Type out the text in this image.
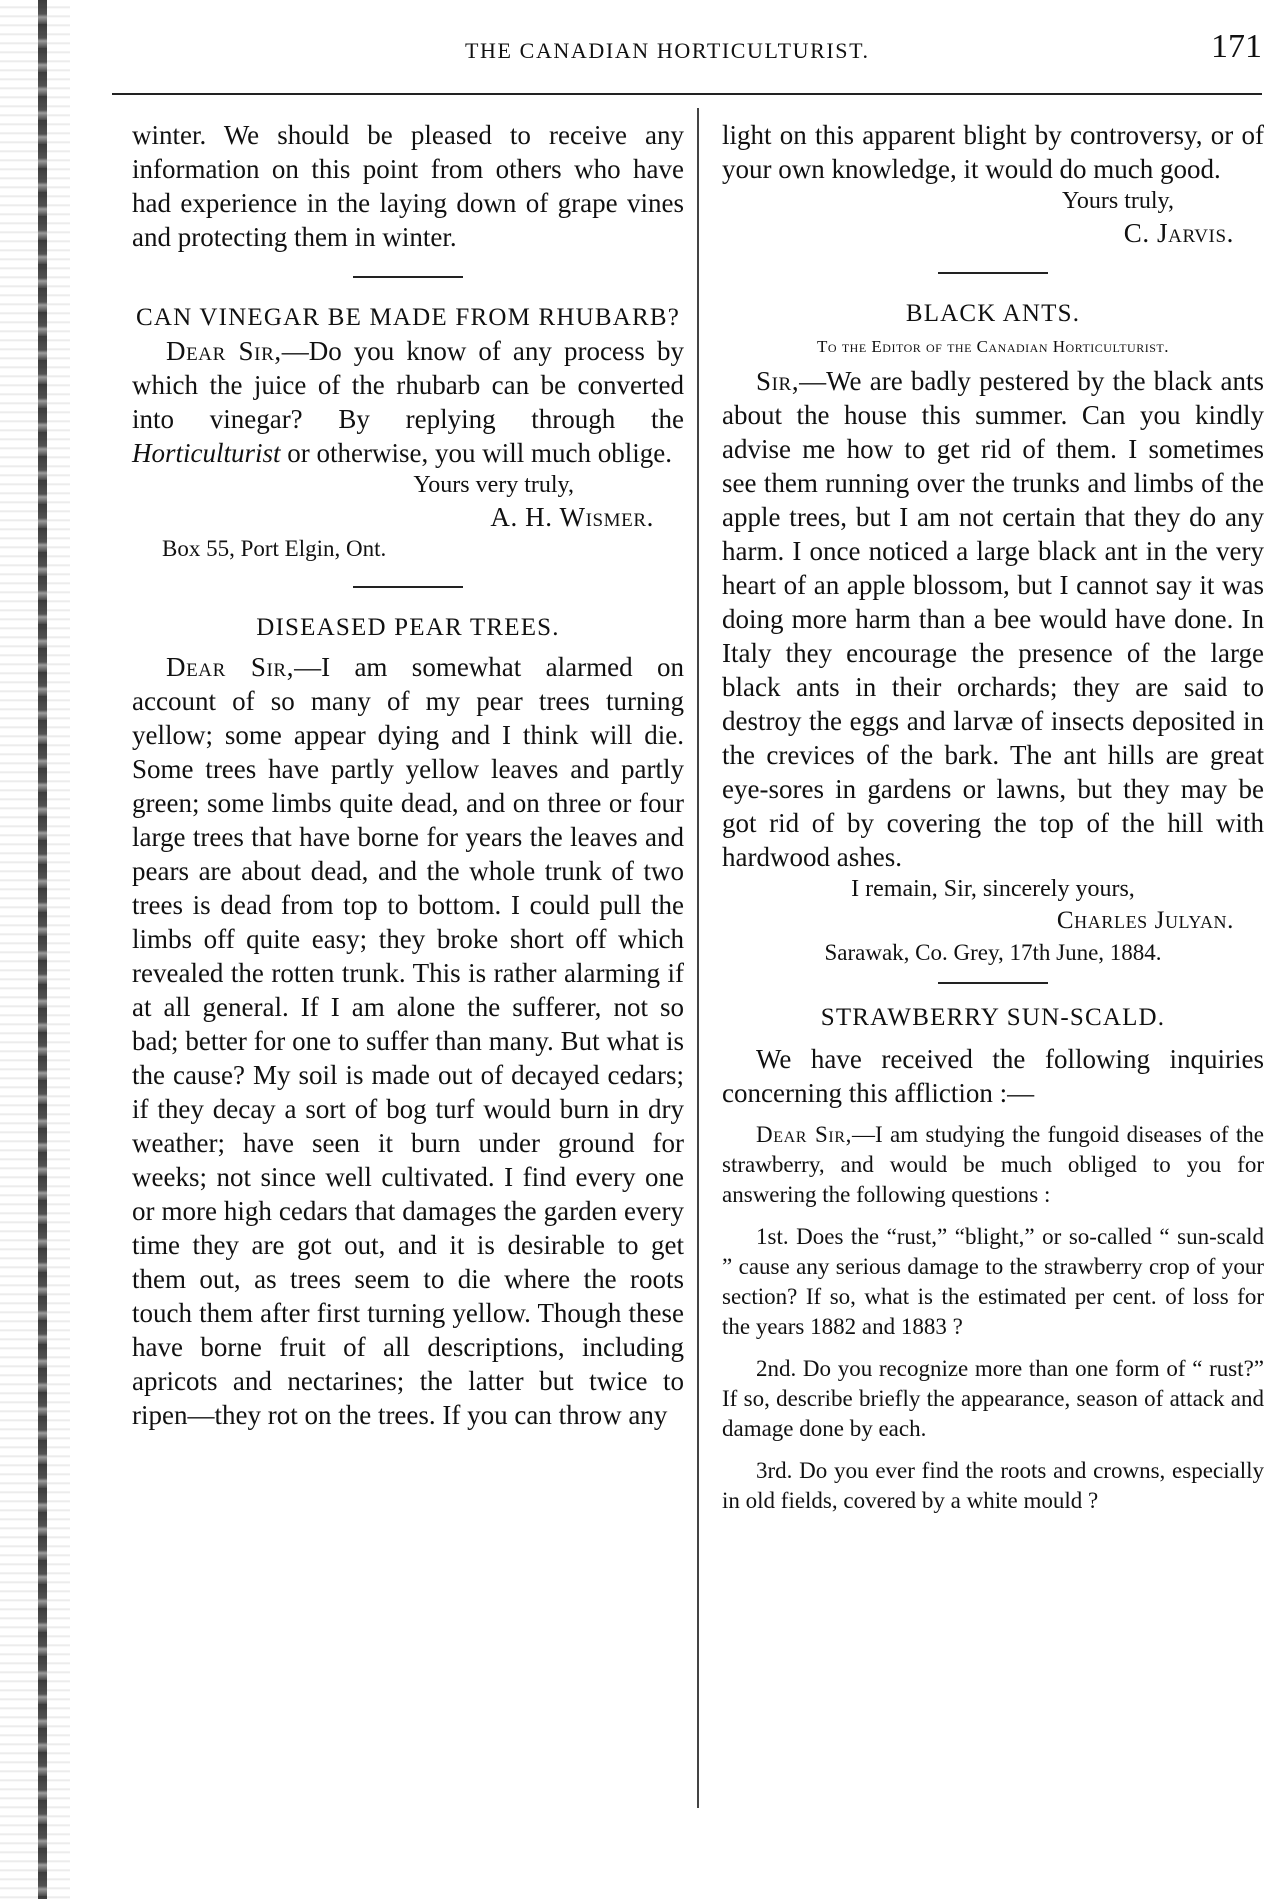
THE CANADIAN HORTICULTURIST.	171

winter. We should be pleased to receive any information on this point from others who have had experience in the laying down of grape vines and protecting them in winter.

CAN VINEGAR BE MADE FROM RHUBARB?

Dear Sir,—Do you know of any process by which the juice of the rhubarb can be converted into vinegar? By replying through the Horticulturist or otherwise, you will much oblige.

Yours very truly,

A. H. Wismer.

Box 55, Port Elgin, Ont.

DISEASED PEAR TREES.

Dear Sir,—I am somewhat alarmed on account of so many of my pear trees turning yellow; some appear dying and I think will die. Some trees have partly yellow leaves and partly green; some limbs quite dead, and on three or four large trees that have borne for years the leaves and pears are about dead, and the whole trunk of two trees is dead from top to bottom. I could pull the limbs off quite easy; they broke short off which revealed the rotten trunk. This is rather alarming if at all general. If I am alone the sufferer, not so bad; better for one to suffer than many. But what is the cause? My soil is made out of decayed cedars; if they decay a sort of bog turf would burn in dry weather; have seen it burn under ground for weeks; not since well cultivated. I find every one or more high cedars that damages the garden every time they are got out, and it is desirable to get them out, as trees seem to die where the roots touch them after first turning yellow. Though these have borne fruit of all descriptions, including apricots and nectarines; the latter but twice to ripen—they rot on the trees. If you can throw any

light on this apparent blight by controversy, or of your own knowledge, it would do much good.

Yours truly,

C. Jarvis.

BLACK ANTS.

To the Editor of the Canadian Horticulturist.

Sir,—We are badly pestered by the black ants about the house this summer. Can you kindly advise me how to get rid of them. I sometimes see them running over the trunks and limbs of the apple trees, but I am not certain that they do any harm. I once noticed a large black ant in the very heart of an apple blossom, but I cannot say it was doing more harm than a bee would have done. In Italy they encourage the presence of the large black ants in their orchards; they are said to destroy the eggs and larvæ of insects deposited in the crevices of the bark. The ant hills are great eye-sores in gardens or lawns, but they may be got rid of by covering the top of the hill with hardwood ashes.

I remain, Sir, sincerely yours,

Charles Julyan.

Sarawak, Co. Grey, 17th June, 1884.

STRAWBERRY SUN-SCALD.

We have received the following inquiries concerning this affliction :—

Dear Sir,—I am studying the fungoid diseases of the strawberry, and would be much obliged to you for answering the following questions :

1st. Does the “rust,” “blight,” or so-called “ sun-scald ” cause any serious damage to the strawberry crop of your section? If so, what is the estimated per cent. of loss for the years 1882 and 1883 ?

2nd. Do you recognize more than one form of “ rust?” If so, describe briefly the appearance, season of attack and damage done by each.

3rd. Do you ever find the roots and crowns, especially in old fields, covered by a white mould ?
